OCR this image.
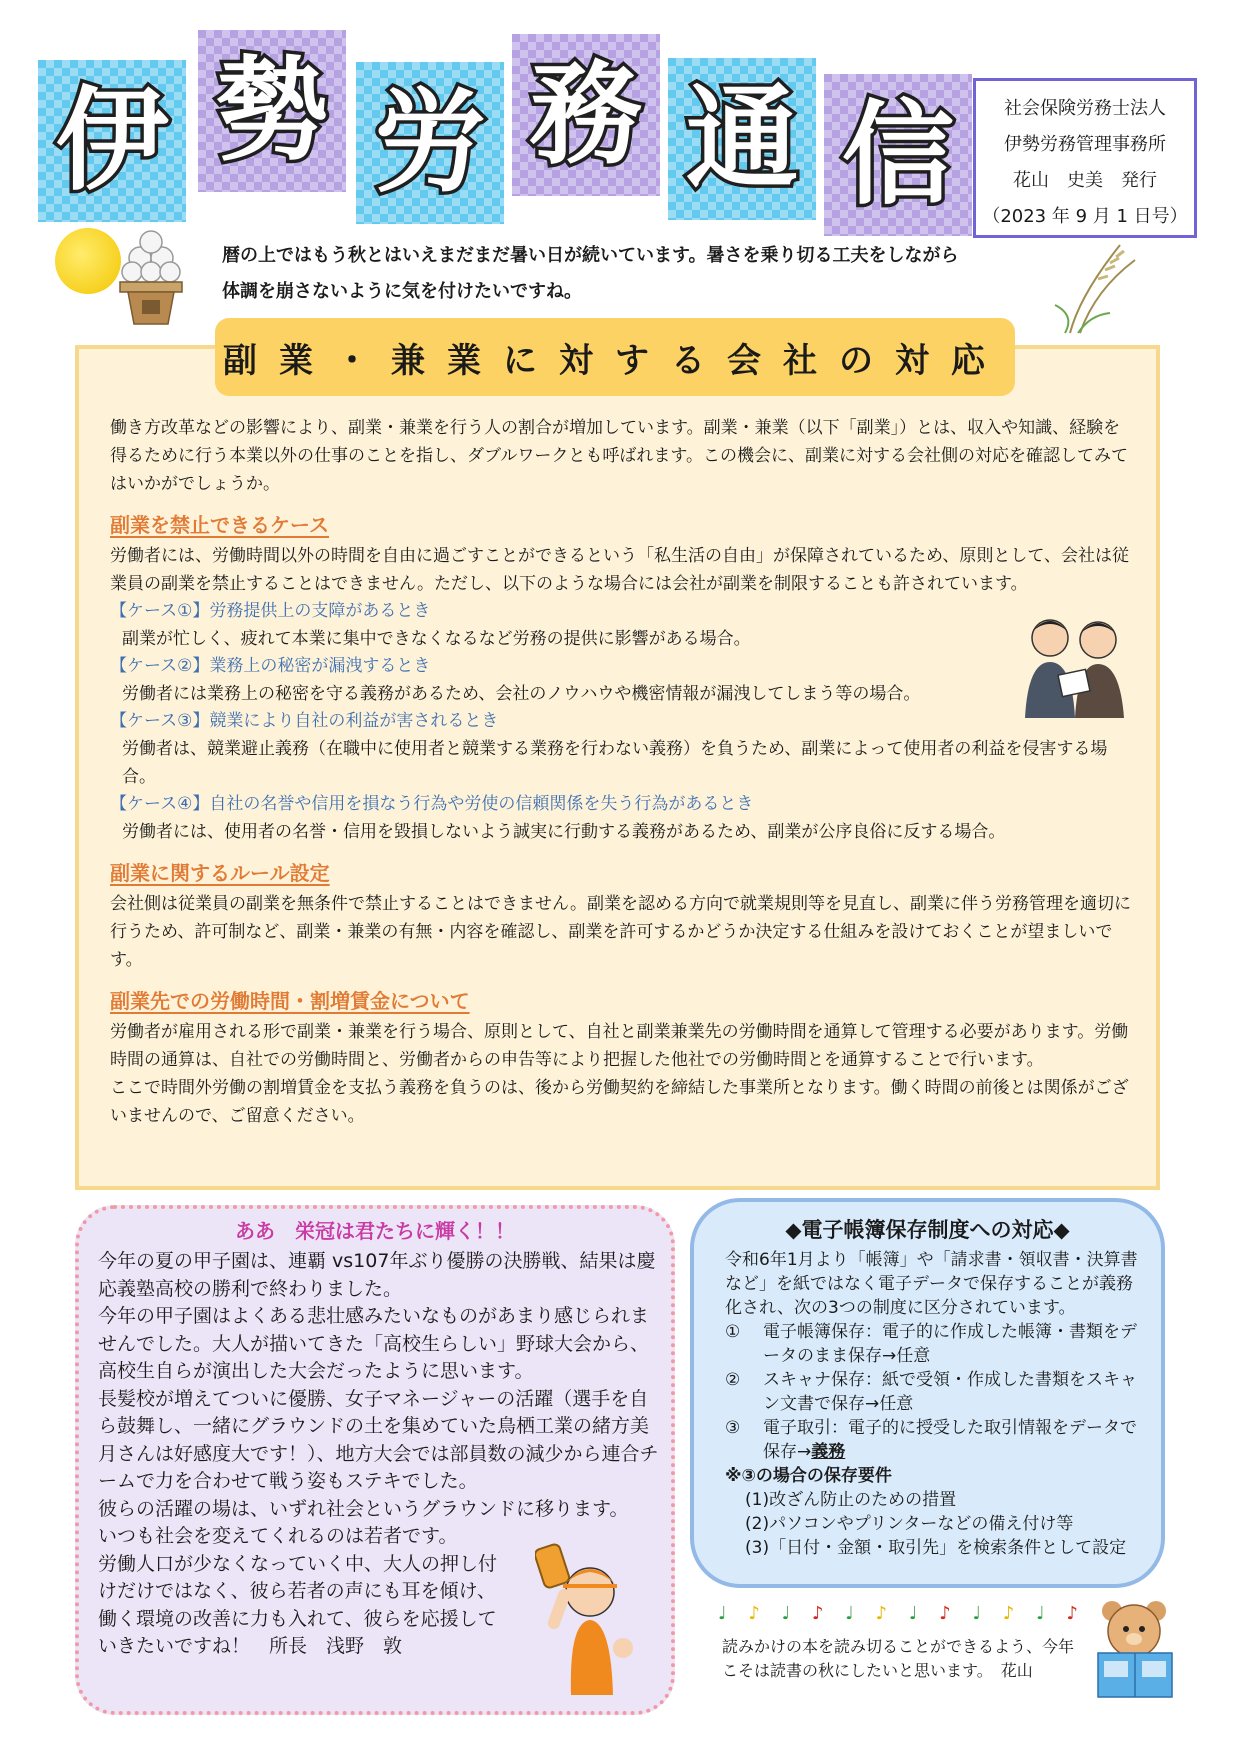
伊 勢 労 務 通 信	社会保険労務士法人
伊勢労務管理事務所
花山　史美　発行
（2023 年 9 月 1 日号）
暦の上ではもう秋とはいえまだまだ暑い日が続いています。暑さを乗り切る工夫をしながら
体調を崩さないように気を付けたいですね。
副業・兼業に対する会社の対応

働き方改革などの影響により、副業・兼業を行う人の割合が増加しています。副業・兼業（以下「副業」）とは、収入や知識、経験を得るために行う本業以外の仕事のことを指し、ダブルワークとも呼ばれます。この機会に、副業に対する会社側の対応を確認してみてはいかがでしょうか。

副業を禁止できるケース

労働者には、労働時間以外の時間を自由に過ごすことができるという「私生活の自由」が保障されているため、原則として、会社は従業員の副業を禁止することはできません。ただし、以下のような場合には会社が副業を制限することも許されています。

【ケース①】労務提供上の支障があるとき

副業が忙しく、疲れて本業に集中できなくなるなど労務の提供に影響がある場合。

【ケース②】業務上の秘密が漏洩するとき

労働者には業務上の秘密を守る義務があるため、会社のノウハウや機密情報が漏洩してしまう等の場合。

【ケース③】競業により自社の利益が害されるとき

労働者は、競業避止義務（在職中に使用者と競業する業務を行わない義務）を負うため、副業によって使用者の利益を侵害する場合。

【ケース④】自社の名誉や信用を損なう行為や労使の信頼関係を失う行為があるとき

労働者には、使用者の名誉・信用を毀損しないよう誠実に行動する義務があるため、副業が公序良俗に反する場合。

副業に関するルール設定

会社側は従業員の副業を無条件で禁止することはできません。副業を認める方向で就業規則等を見直し、副業に伴う労務管理を適切に行うため、許可制など、副業・兼業の有無・内容を確認し、副業を許可するかどうか決定する仕組みを設けておくことが望ましいです。

副業先での労働時間・割増賃金について

労働者が雇用される形で副業・兼業を行う場合、原則として、自社と副業兼業先の労働時間を通算して管理する必要があります。労働時間の通算は、自社での労働時間と、労働者からの申告等により把握した他社での労働時間とを通算することで行います。

ここで時間外労働の割増賃金を支払う義務を負うのは、後から労働契約を締結した事業所となります。働く時間の前後とは関係がございませんので、ご留意ください。

ああ　栄冠は君たちに輝く！！

今年の夏の甲子園は、連覇 vs107年ぶり優勝の決勝戦、結果は慶応義塾高校の勝利で終わりました。

今年の甲子園はよくある悲壮感みたいなものがあまり感じられませんでした。大人が描いてきた「高校生らしい」野球大会から、高校生自らが演出した大会だったように思います。

長髪校が増えてついに優勝、女子マネージャーの活躍（選手を自ら鼓舞し、一緒にグラウンドの土を集めていた鳥栖工業の緒方美月さんは好感度大です！）、地方大会では部員数の減少から連合チームで力を合わせて戦う姿もステキでした。

彼らの活躍の場は、いずれ社会というグラウンドに移ります。

いつも社会を変えてくれるのは若者です。

労働人口が少なくなっていく中、大人の押し付けだけではなく、彼ら若者の声にも耳を傾け、働く環境の改善に力も入れて、彼らを応援していきたいですね！　所長　浅野　敦

◆電子帳簿保存制度への対応◆

令和6年1月より「帳簿」や「請求書・領収書・決算書など」を紙ではなく電子データで保存することが義務化され、次の3つの制度に区分されています。

①	電子帳簿保存：電子的に作成した帳簿・書類をデータのまま保存→任意
②	スキャナ保存：紙で受領・作成した書類をスキャン文書で保存→任意
③	電子取引：電子的に授受した取引情報をデータで保存→義務
※③の場合の保存要件
(1)改ざん防止のための措置
(2)パソコンやプリンターなどの備え付け等
(3)「日付・金額・取引先」を検索条件として設定
♩ ♪ ♩ ♪ ♩ ♪ ♩ ♪ ♩ ♪ ♩ ♪
読みかけの本を読み切ることができるよう、今年こそは読書の秋にしたいと思います。　花山
